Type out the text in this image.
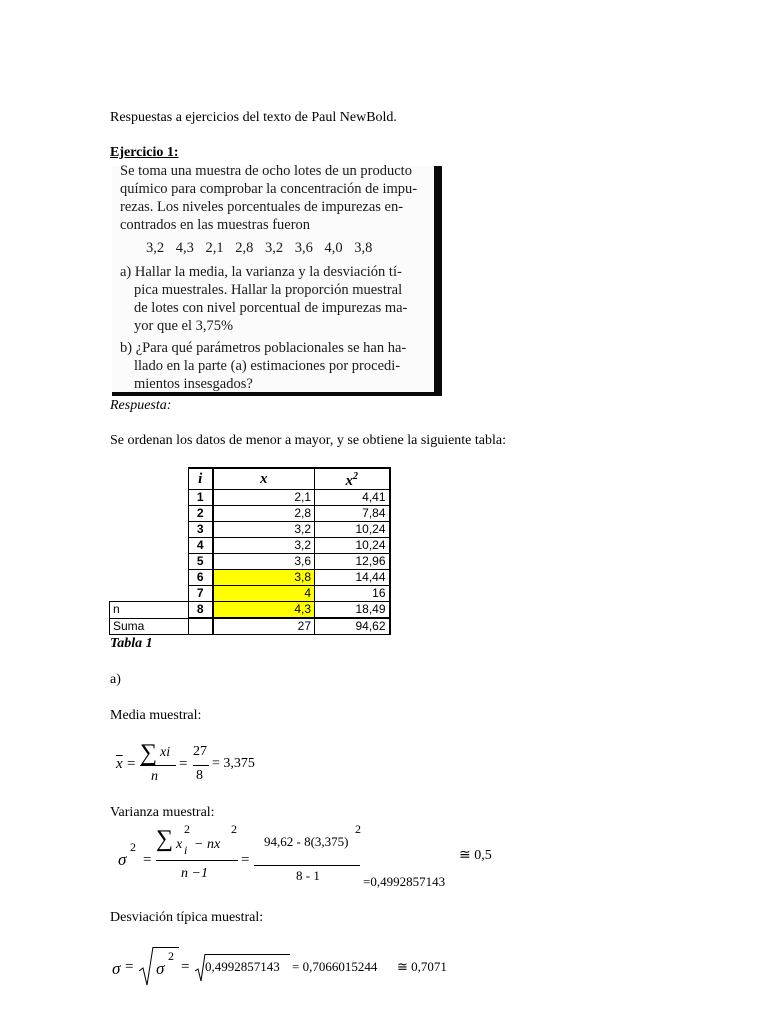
Respuestas a ejercicios del texto de Paul NewBold.
Ejercicio 1:
Se toma una muestra de ocho lotes de un producto
químico para comprobar la concentración de impu-
rezas. Los niveles porcentuales de impurezas en-
contrados en las muestras fueron
3,2 4,3 2,1 2,8 3,2 3,6 4,0 3,8
a) Hallar la media, la varianza y la desviación tí-
pica muestrales. Hallar la proporción muestral
de lotes con nivel porcentual de impurezas ma-
yor que el 3,75%
b) ¿Para qué parámetros poblacionales se han ha-
llado en la parte (a) estimaciones por procedi-
mientos insesgados?
Respuesta:
Se ordenan los datos de menor a mayor, y se obtiene la siguiente tabla:
	i	x	$x^2$
	1	2,1	4,41
	2	2,8	7,84
	3	3,2	10,24
	4	3,2	10,24
	5	3,6	12,96
	6	3,8	14,44
	7	4	16
n	8	4,3	18,49
Suma		27	94,62
Tabla 1
a)
Media muestral:
$\overline{x}$ = ∑ xi
n
=
27
8
= 3,375
Varianza muestral:
σ
2
=
∑ x
2
i − nx
2
n −1
=
94,62 - 8(3,375)
2
8 - 1	=0,4992857143
≅ 0,5
Desviación típica muestral:
σ = σ
2
= 0,4992857143 = 0,7066015244 ≅ 0,7071
